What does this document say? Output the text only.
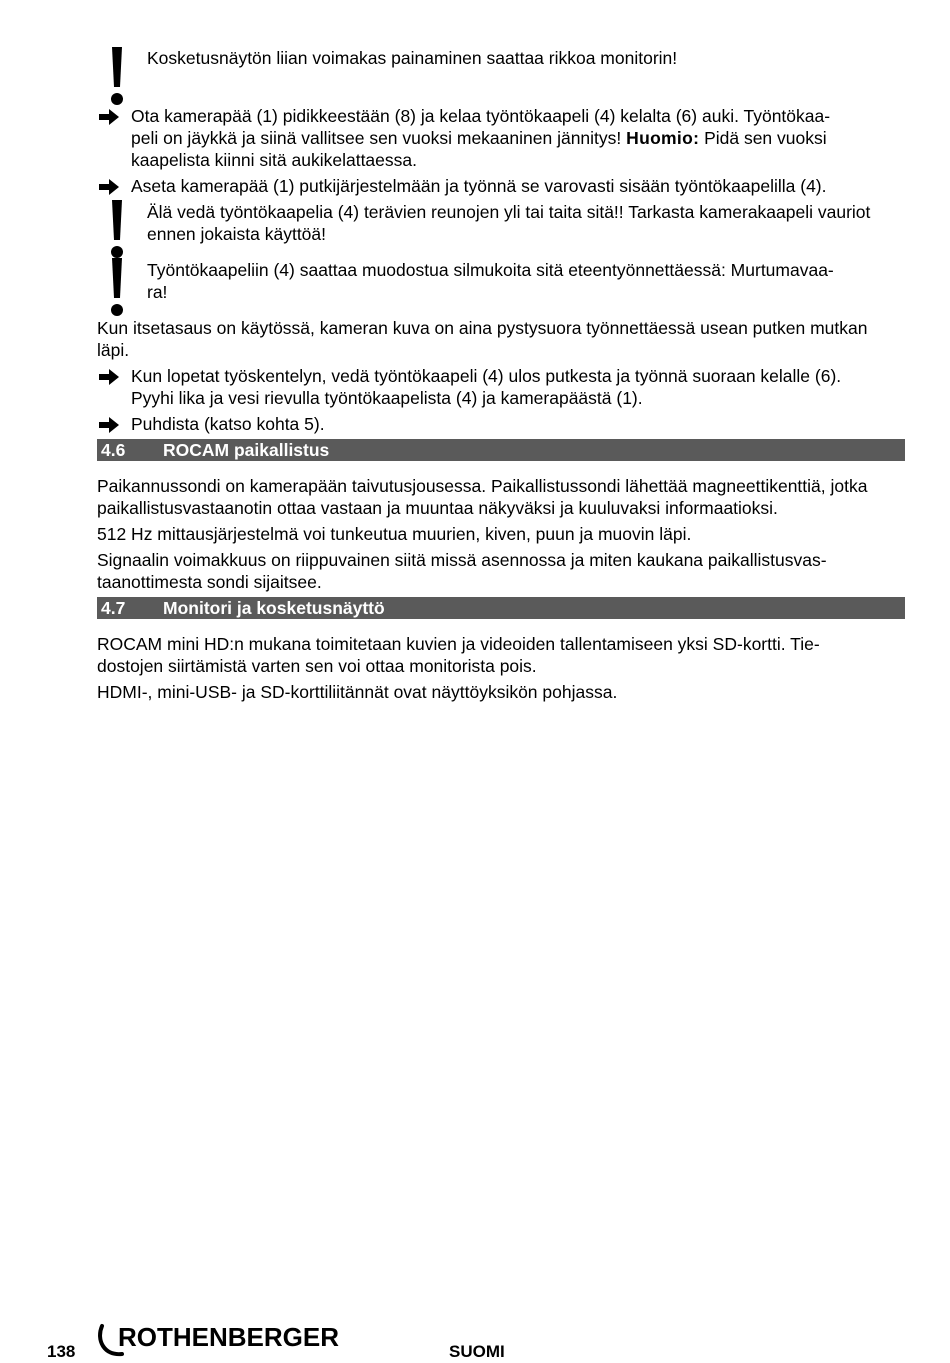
Kosketusnäytön liian voimakas painaminen saattaa rikkoa monitorin!
Ota kamerapää (1) pidikkeestään (8) ja kelaa työntökaapeli (4) kelalta (6) auki. Työntökaa-
peli on jäykkä ja siinä vallitsee sen vuoksi mekaaninen jännitys! Huomio: Pidä sen vuoksi
kaapelista kiinni sitä aukikelattaessa.
Aseta kamerapää (1) putkijärjestelmään ja työnnä se varovasti sisään työntökaapelilla (4).
Älä vedä työntökaapelia (4) terävien reunojen yli tai taita sitä!! Tarkasta kamerakaapeli vauriot ennen jokaista käyttöä!
Työntökaapeliin (4) saattaa muodostua silmukoita sitä eteentyönnettäessä: Murtumavaa-
ra!
Kun itsetasaus on käytössä, kameran kuva on aina pystysuora työnnettäessä usean putken mutkan läpi.
Kun lopetat työskentelyn, vedä työntökaapeli (4) ulos putkesta ja työnnä suoraan kelalle (6).
Pyyhi lika ja vesi rievulla työntökaapelista (4) ja kamerapäästä (1).
Puhdista (katso kohta 5).
4.6 ROCAM paikallistus
Paikannussondi on kamerapään taivutusjousessa. Paikallistussondi lähettää magneettikenttiä, jotka paikallistusvastaanotin ottaa vastaan ja muuntaa näkyväksi ja kuuluvaksi informaatioksi.
512 Hz mittausjärjestelmä voi tunkeutua muurien, kiven, puun ja muovin läpi.
Signaalin voimakkuus on riippuvainen siitä missä asennossa ja miten kaukana paikallistusvas-
taanottimesta sondi sijaitsee.
4.7 Monitori ja kosketusnäyttö
ROCAM mini HD:n mukana toimitetaan kuvien ja videoiden tallentamiseen yksi SD-kortti. Tie-
dostojen siirtämistä varten sen voi ottaa monitorista pois.
HDMI-, mini-USB- ja SD-korttiliitännät ovat näyttöyksikön pohjassa.
138 ROTHENBERGER	SUOMI
